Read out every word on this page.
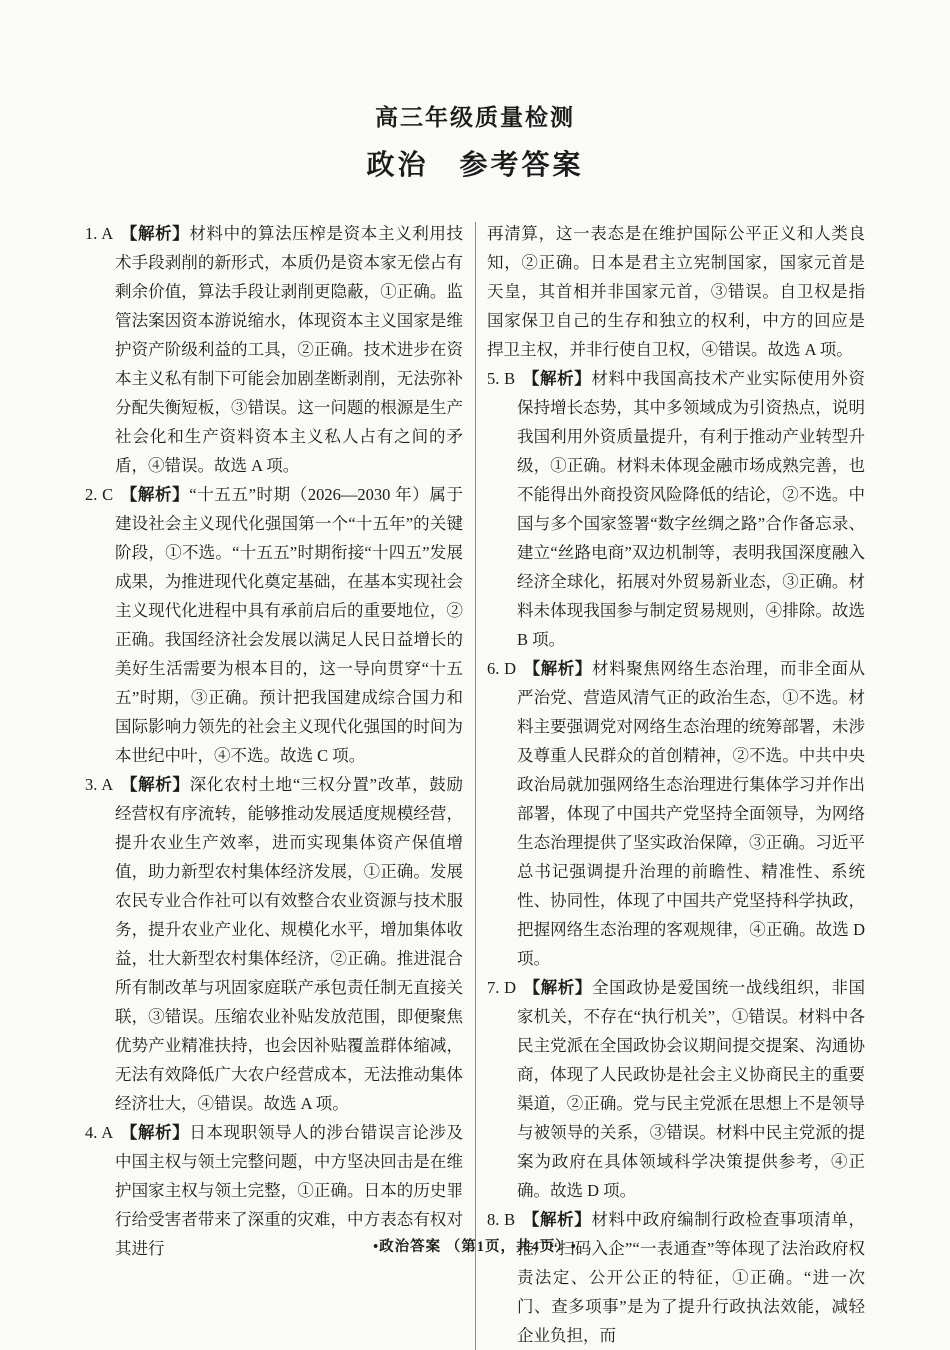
高三年级质量检测
政治　参考答案
1. A 【解析】材料中的算法压榨是资本主义利用技术手段剥削的新形式，本质仍是资本家无偿占有剩余价值，算法手段让剥削更隐蔽，①正确。监管法案因资本游说缩水，体现资本主义国家是维护资产阶级利益的工具，②正确。技术进步在资本主义私有制下可能会加剧垄断剥削，无法弥补分配失衡短板，③错误。这一问题的根源是生产社会化和生产资料资本主义私人占有之间的矛盾，④错误。故选 A 项。
2. C 【解析】“十五五”时期（2026—2030 年）属于建设社会主义现代化强国第一个“十五年”的关键阶段，①不选。“十五五”时期衔接“十四五”发展成果，为推进现代化奠定基础，在基本实现社会主义现代化进程中具有承前启后的重要地位，②正确。我国经济社会发展以满足人民日益增长的美好生活需要为根本目的，这一导向贯穿“十五五”时期，③正确。预计把我国建成综合国力和国际影响力领先的社会主义现代化强国的时间为本世纪中叶，④不选。故选 C 项。
3. A 【解析】深化农村土地“三权分置”改革，鼓励经营权有序流转，能够推动发展适度规模经营，提升农业生产效率，进而实现集体资产保值增值，助力新型农村集体经济发展，①正确。发展农民专业合作社可以有效整合农业资源与技术服务，提升农业产业化、规模化水平，增加集体收益，壮大新型农村集体经济，②正确。推进混合所有制改革与巩固家庭联产承包责任制无直接关联，③错误。压缩农业补贴发放范围，即便聚焦优势产业精准扶持，也会因补贴覆盖群体缩减，无法有效降低广大农户经营成本，无法推动集体经济壮大，④错误。故选 A 项。
4. A 【解析】日本现职领导人的涉台错误言论涉及中国主权与领土完整问题，中方坚决回击是在维护国家主权与领土完整，①正确。日本的历史罪行给受害者带来了深重的灾难，中方表态有权对其进行
再清算，这一表态是在维护国际公平正义和人类良知，②正确。日本是君主立宪制国家，国家元首是天皇，其首相并非国家元首，③错误。自卫权是指国家保卫自己的生存和独立的权利，中方的回应是捍卫主权，并非行使自卫权，④错误。故选 A 项。
5. B 【解析】材料中我国高技术产业实际使用外资保持增长态势，其中多领域成为引资热点，说明我国利用外资质量提升，有利于推动产业转型升级，①正确。材料未体现金融市场成熟完善，也不能得出外商投资风险降低的结论，②不选。中国与多个国家签署“数字丝绸之路”合作备忘录、建立“丝路电商”双边机制等，表明我国深度融入经济全球化，拓展对外贸易新业态，③正确。材料未体现我国参与制定贸易规则，④排除。故选 B 项。
6. D 【解析】材料聚焦网络生态治理，而非全面从严治党、营造风清气正的政治生态，①不选。材料主要强调党对网络生态治理的统筹部署，未涉及尊重人民群众的首创精神，②不选。中共中央政治局就加强网络生态治理进行集体学习并作出部署，体现了中国共产党坚持全面领导，为网络生态治理提供了坚实政治保障，③正确。习近平总书记强调提升治理的前瞻性、精准性、系统性、协同性，体现了中国共产党坚持科学执政，把握网络生态治理的客观规律，④正确。故选 D 项。
7. D 【解析】全国政协是爱国统一战线组织，非国家机关，不存在“执行机关”，①错误。材料中各民主党派在全国政协会议期间提交提案、沟通协商，体现了人民政协是社会主义协商民主的重要渠道，②正确。党与民主党派在思想上不是领导与被领导的关系，③错误。材料中民主党派的提案为政府在具体领域科学决策提供参考，④正确。故选 D 项。
8. B 【解析】材料中政府编制行政检查事项清单，推广“扫码入企”“一表通查”等体现了法治政府权责法定、公开公正的特征，①正确。“进一次门、查多项事”是为了提升行政执法效能，减轻企业负担，而
•政治答案 （第1页，共4页）•
